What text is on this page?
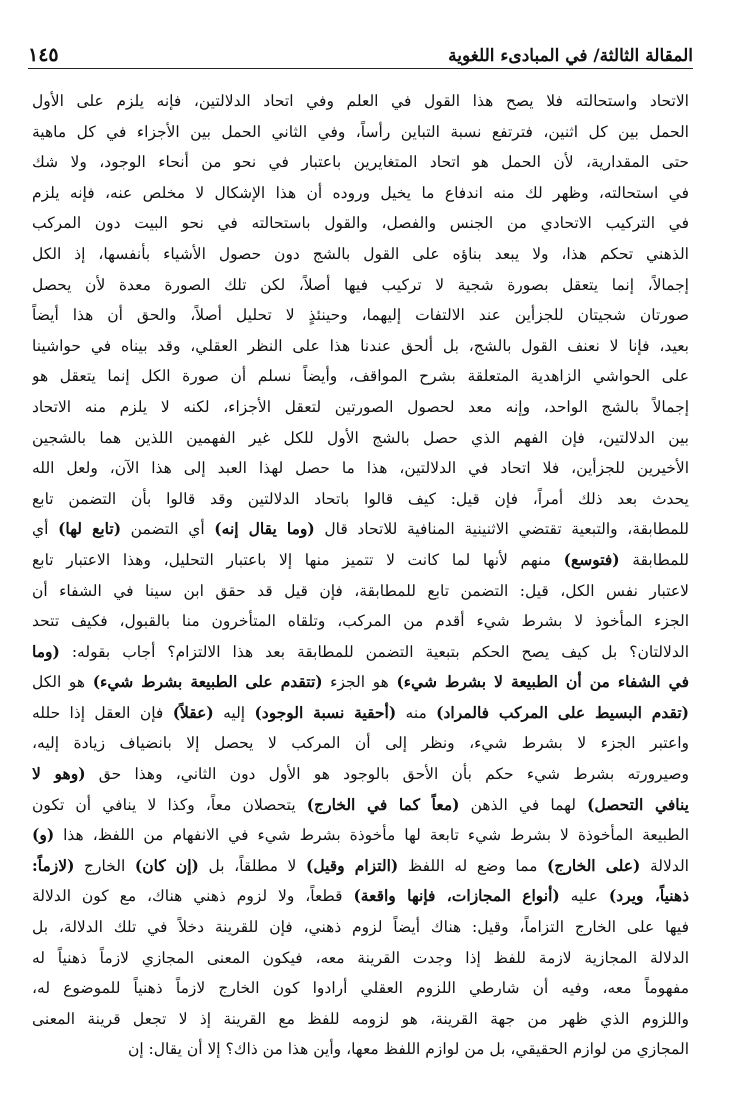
المقالة الثالثة/ في المبادىء اللغوية
١٤٥
الاتحاد واستحالته فلا يصح هذا القول في العلم وفي اتحاد الدلالتين، فإنه يلزم على الأول
الحمل بين كل اثنين، فترتفع نسبة التباين رأساً، وفي الثاني الحمل بين الأجزاء في كل ماهية
حتى المقدارية، لأن الحمل هو اتحاد المتغايرين باعتبار في نحو من أنحاء الوجود، ولا شك
في استحالته، وظهر لك منه اندفاع ما يخيل وروده أن هذا الإشكال لا مخلص عنه، فإنه يلزم
في التركيب الاتحادي من الجنس والفصل، والقول باستحالته في نحو البيت دون المركب
الذهني تحكم هذا، ولا يبعد بناؤه على القول بالشج دون حصول الأشياء بأنفسها، إذ الكل
إجمالاً، إنما يتعقل بصورة شجية لا تركيب فيها أصلاً، لكن تلك الصورة معدة لأن يحصل
صورتان شجيتان للجزأين عند الالتفات إليهما، وحينئذٍ لا تحليل أصلاً، والحق أن هذا أيضاً
بعيد، فإنا لا نعنف القول بالشج، بل ألحق عندنا هذا على النظر العقلي، وقد بيناه في حواشينا
على الحواشي الزاهدية المتعلقة بشرح المواقف، وأيضاً نسلم أن صورة الكل إنما يتعقل هو
إجمالاً بالشج الواحد، وإنه معد لحصول الصورتين لتعقل الأجزاء، لكنه لا يلزم منه الاتحاد
بين الدلالتين، فإن الفهم الذي حصل بالشج الأول للكل غير الفهمين اللذين هما بالشجين
الأخيرين للجزأين، فلا اتحاد في الدلالتين، هذا ما حصل لهذا العبد إلى هذا الآن، ولعل الله
يحدث بعد ذلك أمراً، فإن قيل: كيف قالوا باتحاد الدلالتين وقد قالوا بأن التضمن تابع
للمطابقة، والتبعية تقتضي الاثنينية المنافية للاتحاد قال (وما يقال إنه) أي التضمن (تابع لها) أي
للمطابقة (فتوسع) منهم لأنها لما كانت لا تتميز منها إلا باعتبار التحليل، وهذا الاعتبار تابع
لاعتبار نفس الكل، قيل: التضمن تابع للمطابقة، فإن قيل قد حقق ابن سينا في الشفاء أن
الجزء المأخوذ لا بشرط شيء أقدم من المركب، وتلقاه المتأخرون منا بالقبول، فكيف تتحد
الدلالتان؟ بل كيف يصح الحكم بتبعية التضمن للمطابقة بعد هذا الالتزام؟ أجاب بقوله: (وما
في الشفاء من أن الطبيعة لا بشرط شيء) هو الجزء (تتقدم على الطبيعة بشرط شيء) هو الكل
(تقدم البسيط على المركب فالمراد) منه (أحقية نسبة الوجود) إليه (عقلاً) فإن العقل إذا حلله
واعتبر الجزء لا بشرط شيء، ونظر إلى أن المركب لا يحصل إلا بانضياف زيادة إليه،
وصيرورته بشرط شيء حكم بأن الأحق بالوجود هو الأول دون الثاني، وهذا حق (وهو لا
ينافي التحصل) لهما في الذهن (معاً كما في الخارج) يتحصلان معاً، وكذا لا ينافي أن تكون
الطبيعة المأخوذة لا بشرط شيء تابعة لها مأخوذة بشرط شيء في الانفهام من اللفظ، هذا (و)
الدلالة (على الخارج) مما وضع له اللفظ (التزام وقيل) لا مطلقاً، بل (إن كان) الخارج (لازماً:
ذهنياً، ويرد) عليه (أنواع المجازات، فإنها واقعة) قطعاً، ولا لزوم ذهني هناك، مع كون الدلالة
فيها على الخارج التزاماً، وقيل: هناك أيضاً لزوم ذهني، فإن للقرينة دخلاً في تلك الدلالة، بل
الدلالة المجازية لازمة للفظ إذا وجدت القرينة معه، فيكون المعنى المجازي لازماً ذهنياً له
مفهوماً معه، وفيه أن شارطي اللزوم العقلي أرادوا كون الخارج لازماً ذهنياً للموضوع له،
واللزوم الذي ظهر من جهة القرينة، هو لزومه للفظ مع القرينة إذ لا تجعل قرينة المعنى
المجازي من لوازم الحقيقي، بل من لوازم اللفظ معها، وأين هذا من ذاك؟ إلا أن يقال: إن
